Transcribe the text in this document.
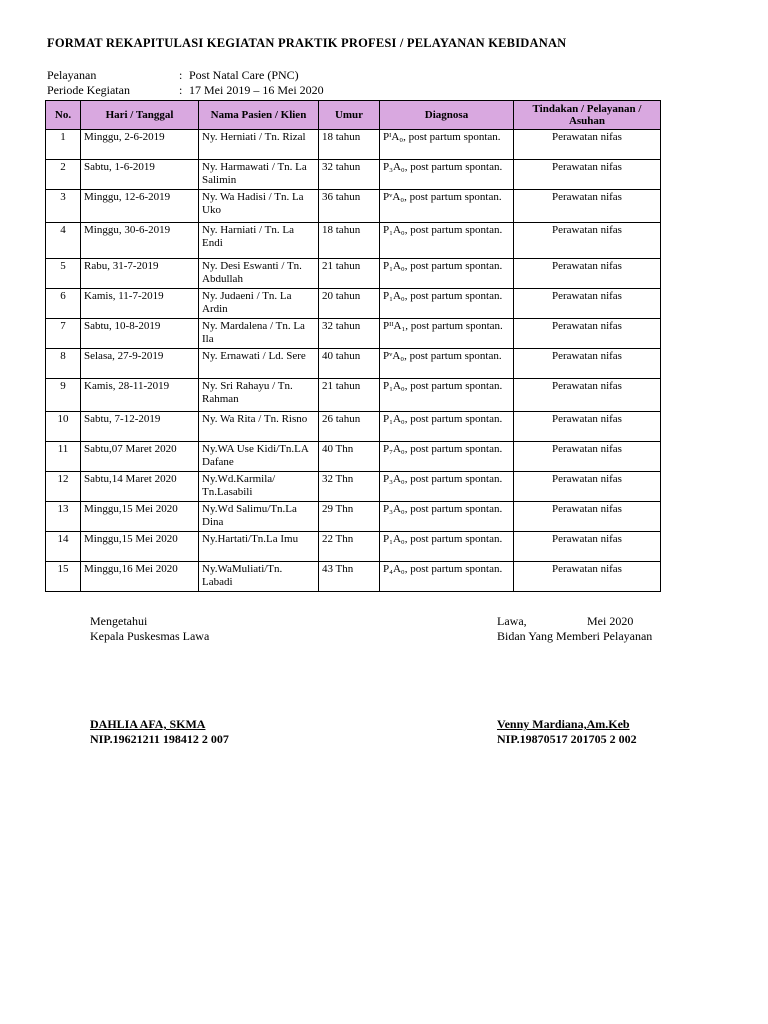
FORMAT REKAPITULASI KEGIATAN PRAKTIK PROFESI / PELAYANAN KEBIDANAN
Pelayanan	: Post Natal Care (PNC)
Periode Kegiatan	: 17 Mei 2019 – 16 Mei 2020
No.	Hari / Tanggal	Nama Pasien / Klien	Umur	Diagnosa	Tindakan / Pelayanan / Asuhan
1	Minggu, 2-6-2019	Ny. Herniati / Tn. Rizal	18 tahun	PᴵA₀, post partum spontan.	Perawatan nifas
2	Sabtu, 1-6-2019	Ny. Harmawati / Tn. La Salimin	32 tahun	P₃A₀, post partum spontan.	Perawatan nifas
3	Minggu, 12-6-2019	Ny. Wa Hadisi / Tn. La Uko	36 tahun	PᵛA₀, post partum spontan.	Perawatan nifas
4	Minggu, 30-6-2019	Ny. Harniati / Tn. La Endi	18 tahun	P₁A₀, post partum spontan.	Perawatan nifas
5	Rabu, 31-7-2019	Ny. Desi Eswanti / Tn. Abdullah	21 tahun	P₁A₀, post partum spontan.	Perawatan nifas
6	Kamis, 11-7-2019	Ny. Judaeni / Tn. La Ardin	20 tahun	P₁A₀, post partum spontan.	Perawatan nifas
7	Sabtu, 10-8-2019	Ny. Mardalena / Tn. La Ila	32 tahun	PᴵᴵA₁, post partum spontan.	Perawatan nifas
8	Selasa, 27-9-2019	Ny. Ernawati / Ld. Sere	40 tahun	PᵛA₀, post partum spontan.	Perawatan nifas
9	Kamis, 28-11-2019	Ny. Sri Rahayu / Tn. Rahman	21 tahun	P₁A₀, post partum spontan.	Perawatan nifas
10	Sabtu, 7-12-2019	Ny. Wa Rita / Tn. Risno	26 tahun	P₁A₀, post partum spontan.	Perawatan nifas
11	Sabtu,07 Maret 2020	Ny.WA Use Kidi/Tn.LA Dafane	40 Thn	P₇A₀, post partum spontan.	Perawatan nifas
12	Sabtu,14 Maret 2020	Ny.Wd.Karmila/ Tn.Lasabili	32 Thn	P₃A₀, post partum spontan.	Perawatan nifas
13	Minggu,15 Mei 2020	Ny.Wd Salimu/Tn.La Dina	29 Thn	P₃A₀, post partum spontan.	Perawatan nifas
14	Minggu,15 Mei 2020	Ny.Hartati/Tn.La Imu	22 Thn	P₁A₀, post partum spontan.	Perawatan nifas
15	Minggu,16 Mei 2020	Ny.WaMuliati/Tn. Labadi	43 Thn	P₄A₀, post partum spontan.	Perawatan nifas
Mengetahui
Kepala Puskesmas Lawa
DAHLIA AFA, SKMA
NIP.19621211 198412 2 007
Lawa,	Mei 2020
Bidan Yang Memberi Pelayanan
Venny Mardiana,Am.Keb
NIP.19870517 201705 2 002
